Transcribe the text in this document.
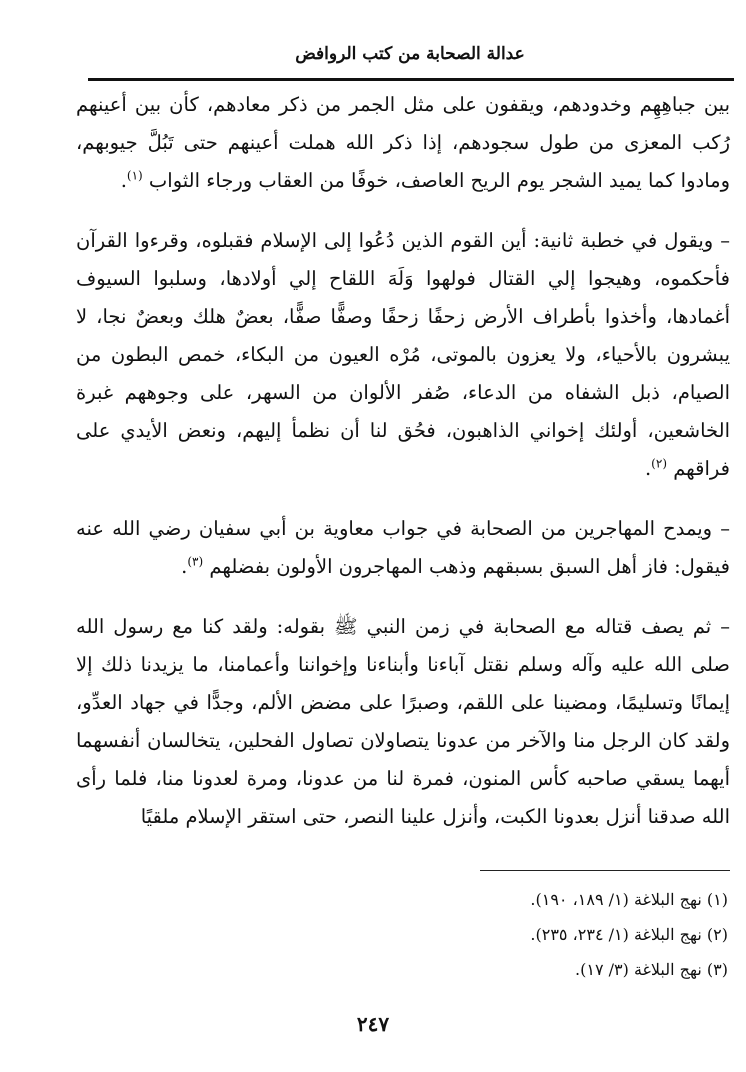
عدالة الصحابة من كتب الروافض

بين جباهِهِم وخدودهم، ويقفون على مثل الجمر من ذكر معادهم، كأن بين أعينهم رُكب المعزى من طول سجودهم، إذا ذكر الله هملت أعينهم حتى تَبُلَّ جيوبهم، ومادوا كما يميد الشجر يوم الريح العاصف، خوفًا من العقاب ورجاء الثواب $^{(١)}$.

– ويقول في خطبة ثانية: أين القوم الذين دُعُوا إلى الإسلام فقبلوه، وقرءوا القرآن فأحكموه، وهيجوا إلي القتال فولهوا وَلَهَ اللقاح إلي أولادها، وسلبوا السيوف أغمادها، وأخذوا بأطراف الأرض زحفًا زحفًا وصفًّا صفًّا، بعضٌ هلك وبعضٌ نجا، لا يبشرون بالأحياء، ولا يعزون بالموتى، مُرْه العيون من البكاء، خمص البطون من الصيام، ذبل الشفاه من الدعاء، صُفر الألوان من السهر، على وجوههم غبرة الخاشعين، أولئك إخواني الذاهبون، فحُق لنا أن نظمأ إليهم، ونعض الأيدي على فراقهم $^{(٢)}$.

– ويمدح المهاجرين من الصحابة في جواب معاوية بن أبي سفيان رضي الله عنه فيقول: فاز أهل السبق بسبقهم وذهب المهاجرون الأولون بفضلهم $^{(٣)}$.

– ثم يصف قتاله مع الصحابة في زمن النبي ﷺ بقوله: ولقد كنا مع رسول الله صلى الله عليه وآله وسلم نقتل آباءنا وأبناءنا وإخواننا وأعمامنا، ما يزيدنا ذلك إلا إيمانًا وتسليمًا، ومضينا على اللقم، وصبرًا على مضض الألم، وجدًّا في جهاد العدِّو، ولقد كان الرجل منا والآخر من عدونا يتصاولان تصاول الفحلين، يتخالسان أنفسهما أيهما يسقي صاحبه كأس المنون، فمرة لنا من عدونا، ومرة لعدونا منا، فلما رأى الله صدقنا أنزل بعدونا الكبت، وأنزل علينا النصر، حتى استقر الإسلام ملقيًا

(١) نهج البلاغة (١/ ١٨٩، ١٩٠).

(٢) نهج البلاغة (١/ ٢٣٤، ٢٣٥).

(٣) نهج البلاغة (٣/ ١٧).

٢٤٧
